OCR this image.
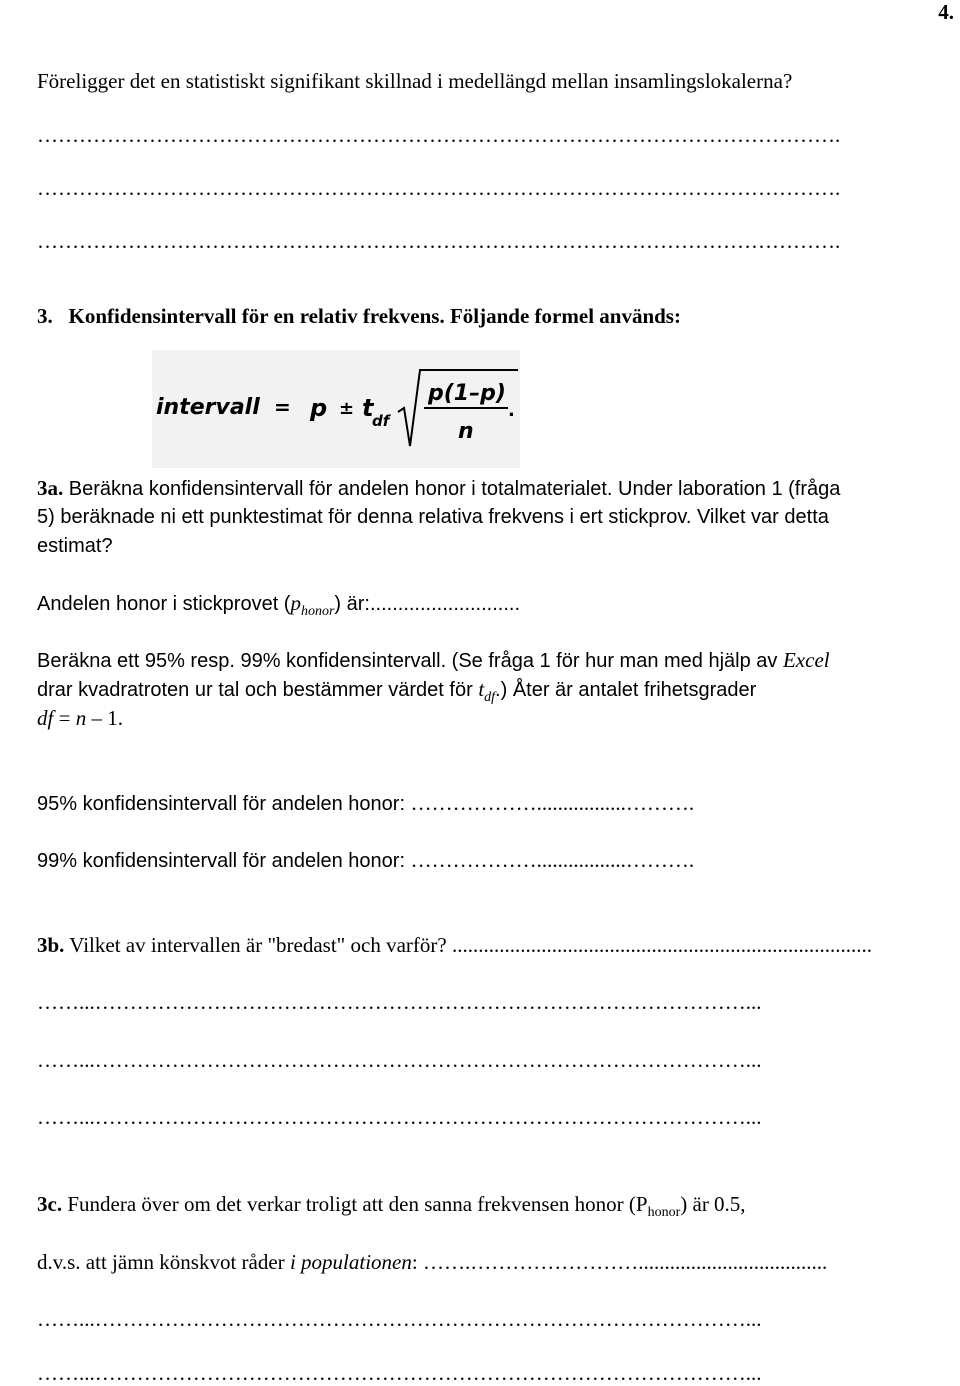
4.
Föreligger det en statistiskt signifikant skillnad i medellängd mellan insamlingslokalerna?
…………………………………………………………………………………………………….
…………………………………………………………………………………………………….
…………………………………………………………………………………………………….
3. Konfidensintervall för en relativ frekvens. Följande formel används:
intervall = p ± t
df
p(1–p)
n
.
3a. Beräkna konfidensintervall för andelen honor i totalmaterialet. Under laboration 1 (fråga
5) beräknade ni ett punktestimat för denna relativa frekvens i ert stickprov. Vilket var detta
estimat?
Andelen honor i stickprovet $(p_{honor})$ är:...........................
Beräkna ett 95% resp. 99% konfidensintervall. (Se fråga 1 för hur man med hjälp av Excel
drar kvadratroten ur tal och bestämmer värdet för $t_{df}$.) Åter är antalet frihetsgrader
df = n – 1.
95% konfidensintervall för andelen honor: ……………….................……….
99% konfidensintervall för andelen honor: ……………….................……….
3b. Vilket av intervallen är "bredast" och varför? ................................................................................
……...…………………………………………………………………………………...
……...…………………………………………………………………………………...
……...…………………………………………………………………………………...
3c. Fundera över om det verkar troligt att den sanna frekvensen honor $(P_{honor})$ är 0.5,
d.v.s. att jämn könskvot råder i populationen: …….……………………....................................
……...…………………………………………………………………………………...
……...…………………………………………………………………………………...
